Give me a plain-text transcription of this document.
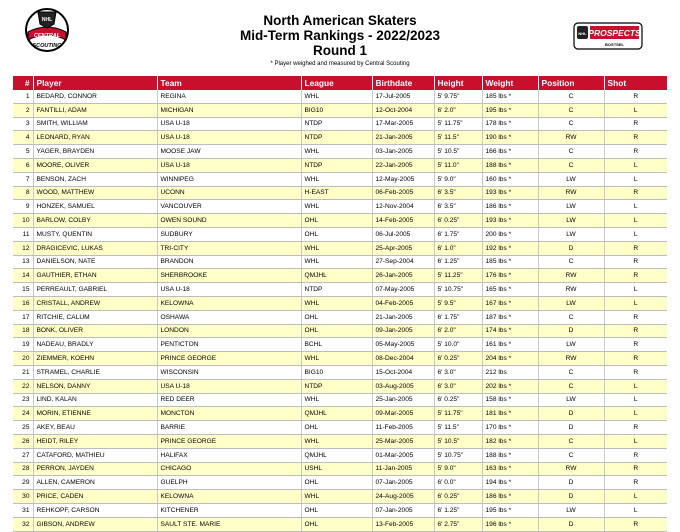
NHL
CENTRAL
SCOUTING
North American Skaters
Mid-Term Rankings - 2022/2023
Round 1
* Player weighed and measured by Central Scouting
NHL PROSPECTS
BOSTSEL
#	Player	Team	League	Birthdate	Height	Weight	Position	Shot
1	BEDARD, CONNOR	REGINA	WHL	17-Jul-2005	5' 9.75"	185 lbs *	C	R
2	FANTILLI, ADAM	MICHIGAN	BIG10	12-Oct-2004	6' 2.0"	195 lbs *	C	L
3	SMITH, WILLIAM	USA U-18	NTDP	17-Mar-2005	5' 11.75"	178 lbs *	C	R
4	LEONARD, RYAN	USA U-18	NTDP	21-Jan-2005	5' 11.5"	190 lbs *	RW	R
5	YAGER, BRAYDEN	MOOSE JAW	WHL	03-Jan-2005	5' 10.5"	166 lbs *	C	R
6	MOORE, OLIVER	USA U-18	NTDP	22-Jan-2005	5' 11.0"	188 lbs *	C	L
7	BENSON, ZACH	WINNIPEG	WHL	12-May-2005	5' 9.0"	160 lbs *	LW	L
8	WOOD, MATTHEW	UCONN	H-EAST	06-Feb-2005	6' 3.5"	193 lbs *	RW	R
9	HONZEK, SAMUEL	VANCOUVER	WHL	12-Nov-2004	6' 3.5"	186 lbs *	LW	L
10	BARLOW, COLBY	OWEN SOUND	OHL	14-Feb-2005	6' 0.25"	193 lbs *	LW	L
11	MUSTY, QUENTIN	SUDBURY	OHL	06-Jul-2005	6' 1.75"	200 lbs *	LW	L
12	DRAGICEVIC, LUKAS	TRI-CITY	WHL	25-Apr-2005	6' 1.0"	192 lbs *	D	R
13	DANIELSON, NATE	BRANDON	WHL	27-Sep-2004	6' 1.25"	185 lbs *	C	R
14	GAUTHIER, ETHAN	SHERBROOKE	QMJHL	26-Jan-2005	5' 11.25"	176 lbs *	RW	R
15	PERREAULT, GABRIEL	USA U-18	NTDP	07-May-2005	5' 10.75"	165 lbs *	RW	L
16	CRISTALL, ANDREW	KELOWNA	WHL	04-Feb-2005	5' 9.5"	167 lbs *	LW	L
17	RITCHIE, CALUM	OSHAWA	OHL	21-Jan-2005	6' 1.75"	187 lbs *	C	R
18	BONK, OLIVER	LONDON	OHL	09-Jan-2005	6' 2.0"	174 lbs *	D	R
19	NADEAU, BRADLY	PENTICTON	BCHL	05-May-2005	5' 10.0"	161 lbs *	LW	R
20	ZIEMMER, KOEHN	PRINCE GEORGE	WHL	08-Dec-2004	6' 0.25"	204 lbs *	RW	R
21	STRAMEL, CHARLIE	WISCONSIN	BIG10	15-Oct-2004	6' 3.0"	212 lbs	C	R
22	NELSON, DANNY	USA U-18	NTDP	03-Aug-2005	6' 3.0"	202 lbs *	C	L
23	LIND, KALAN	RED DEER	WHL	25-Jan-2005	6' 0.25"	158 lbs *	LW	L
24	MORIN, ETIENNE	MONCTON	QMJHL	09-Mar-2005	5' 11.75"	181 lbs *	D	L
25	AKEY, BEAU	BARRIE	OHL	11-Feb-2005	5' 11.5"	170 lbs *	D	R
26	HEIDT, RILEY	PRINCE GEORGE	WHL	25-Mar-2005	5' 10.5"	182 lbs *	C	L
27	CATAFORD, MATHIEU	HALIFAX	QMJHL	01-Mar-2005	5' 10.75"	188 lbs *	C	R
28	PERRON, JAYDEN	CHICAGO	USHL	11-Jan-2005	5' 9.0"	163 lbs *	RW	R
29	ALLEN, CAMERON	GUELPH	OHL	07-Jan-2005	6' 0.0"	194 lbs *	D	R
30	PRICE, CADEN	KELOWNA	WHL	24-Aug-2005	6' 0.25"	186 lbs *	D	L
31	REHKOPF, CARSON	KITCHENER	OHL	07-Jan-2005	6' 1.25"	195 lbs *	LW	L
32	GIBSON, ANDREW	SAULT STE. MARIE	OHL	13-Feb-2005	6' 2.75"	196 lbs *	D	R
